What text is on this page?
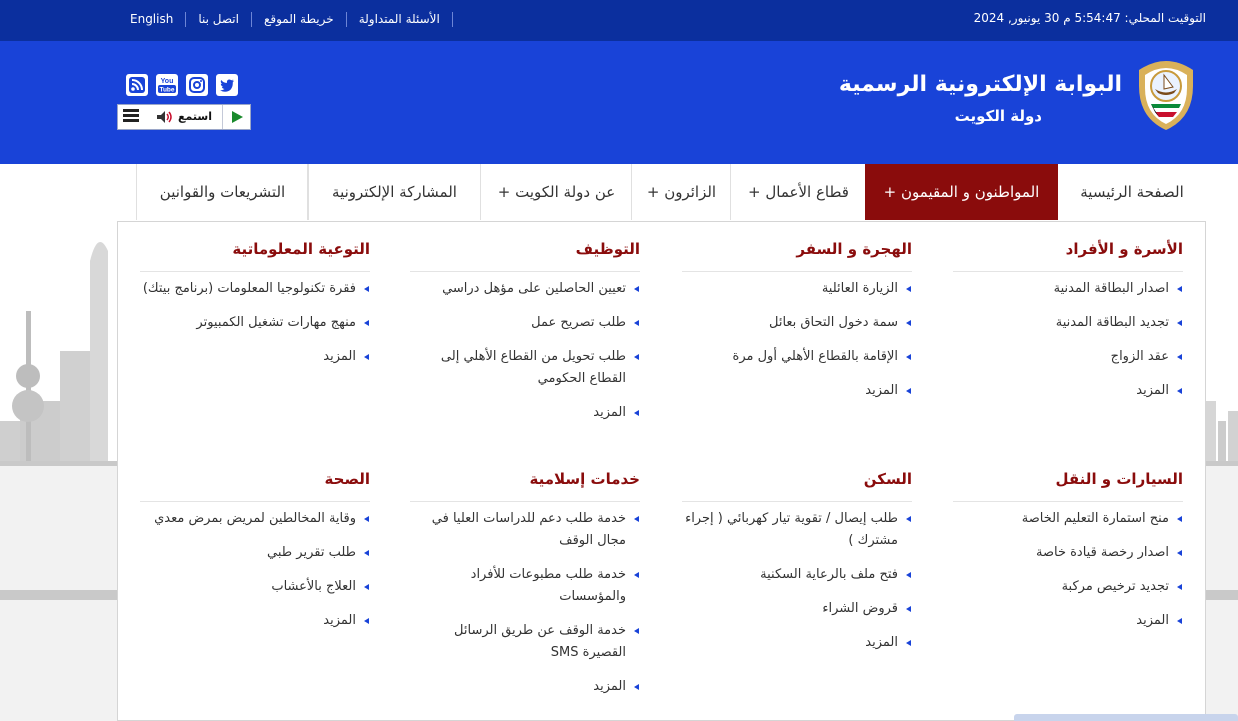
التوقيت المحلي: 5:54:47 م 30 يونيور, 2024
English	اتصل بنا	خريطة الموقع	الأسئلة المتداولة
البوابة الإلكترونية الرسمية
دولة الكويت
You
Tube
استمع
الصفحة الرئيسية
المواطنون و المقيمون +
قطاع الأعمال +
الزائرون +
عن دولة الكويت +
المشاركة الإلكترونية
التشريعات والقوانين
الأسرة و الأفراد
اصدار البطاقة المدنية
تجديد البطاقة المدنية
عقد الزواج
المزيد
الهجرة و السفر
الزيارة العائلية
سمة دخول التحاق بعائل
الإقامة بالقطاع الأهلي أول مرة
المزيد
التوظيف
تعيين الحاصلين على مؤهل دراسي
طلب تصريح عمل
طلب تحويل من القطاع الأهلي إلى القطاع الحكومي
المزيد
التوعية المعلوماتية
فقرة تكنولوجيا المعلومات (برنامج بيتك)
منهج مهارات تشغيل الكمبيوتر
المزيد
السيارات و النقل
منح استمارة التعليم الخاصة
اصدار رخصة قيادة خاصة
تجديد ترخيص مركبة
المزيد
السكن
طلب إيصال / تقوية تيار كهربائي ( إجراء مشترك )
فتح ملف بالرعاية السكنية
قروض الشراء
المزيد
خدمات إسلامية
خدمة طلب دعم للدراسات العليا في مجال الوقف
خدمة طلب مطبوعات للأفراد والمؤسسات
خدمة الوقف عن طريق الرسائل القصيرة SMS
المزيد
الصحة
وقاية المخالطين لمريض بمرض معدي
طلب تقرير طبي
العلاج بالأعشاب
المزيد
